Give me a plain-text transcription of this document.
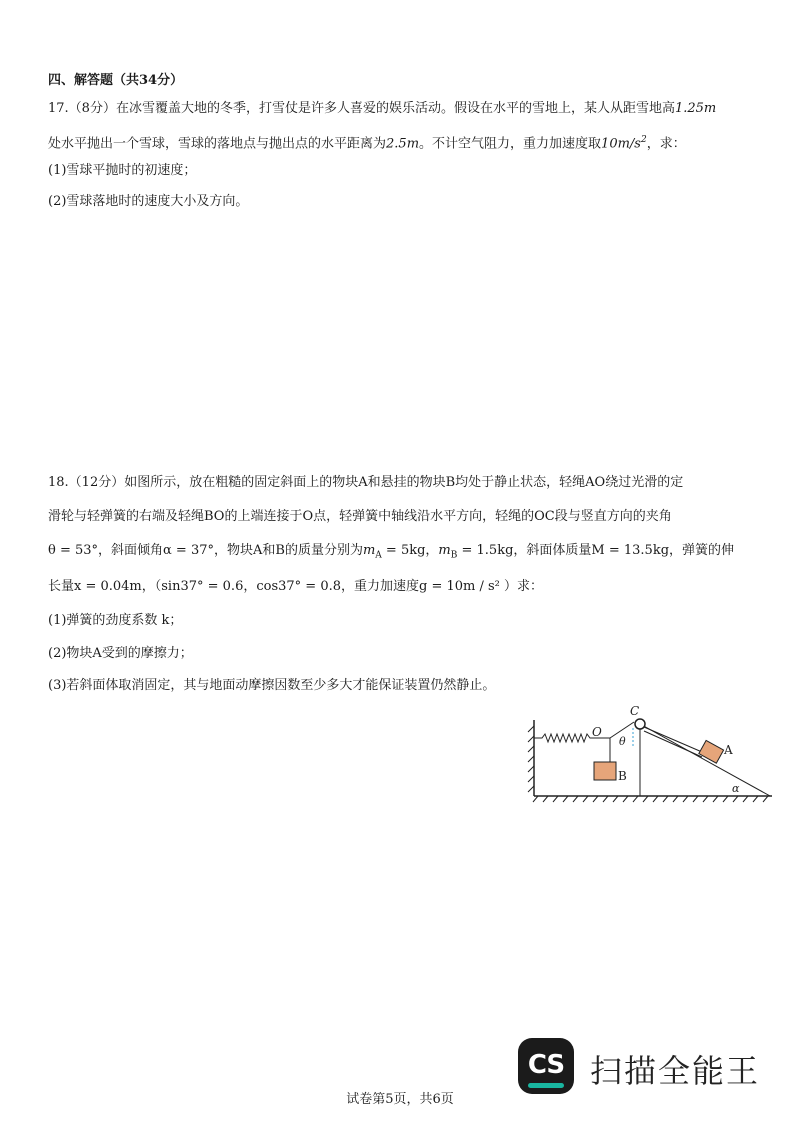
四、解答题（共34分）
17.（8分）在冰雪覆盖大地的冬季，打雪仗是许多人喜爱的娱乐活动。假设在水平的雪地上，某人从距雪地高1.25m
处水平抛出一个雪球，雪球的落地点与抛出点的水平距离为2.5m。不计空气阻力，重力加速度取$10m/s^2$，求：
(1)雪球平抛时的初速度；
(2)雪球落地时的速度大小及方向。
18.（12分）如图所示，放在粗糙的固定斜面上的物块A和悬挂的物块B均处于静止状态，轻绳AO绕过光滑的定
滑轮与轻弹簧的右端及轻绳BO的上端连接于O点，轻弹簧中轴线沿水平方向，轻绳的OC段与竖直方向的夹角
θ = 53°，斜面倾角α = 37°，物块A和B的质量分别为$m_A = 5kg$，$m_B = 1.5kg$，斜面体质量M = 13.5kg，弹簧的伸
长量x = 0.04m，（sin37° = 0.6，cos37° = 0.8，重力加速度g = 10m / s² ）求：
(1)弹簧的劲度系数 k；
(2)物块A受到的摩擦力；
(3)若斜面体取消固定，其与地面动摩擦因数至少多大才能保证装置仍然静止。
C
O
θ
A
B
α
CS 扫描全能王
试卷第5页，共6页
